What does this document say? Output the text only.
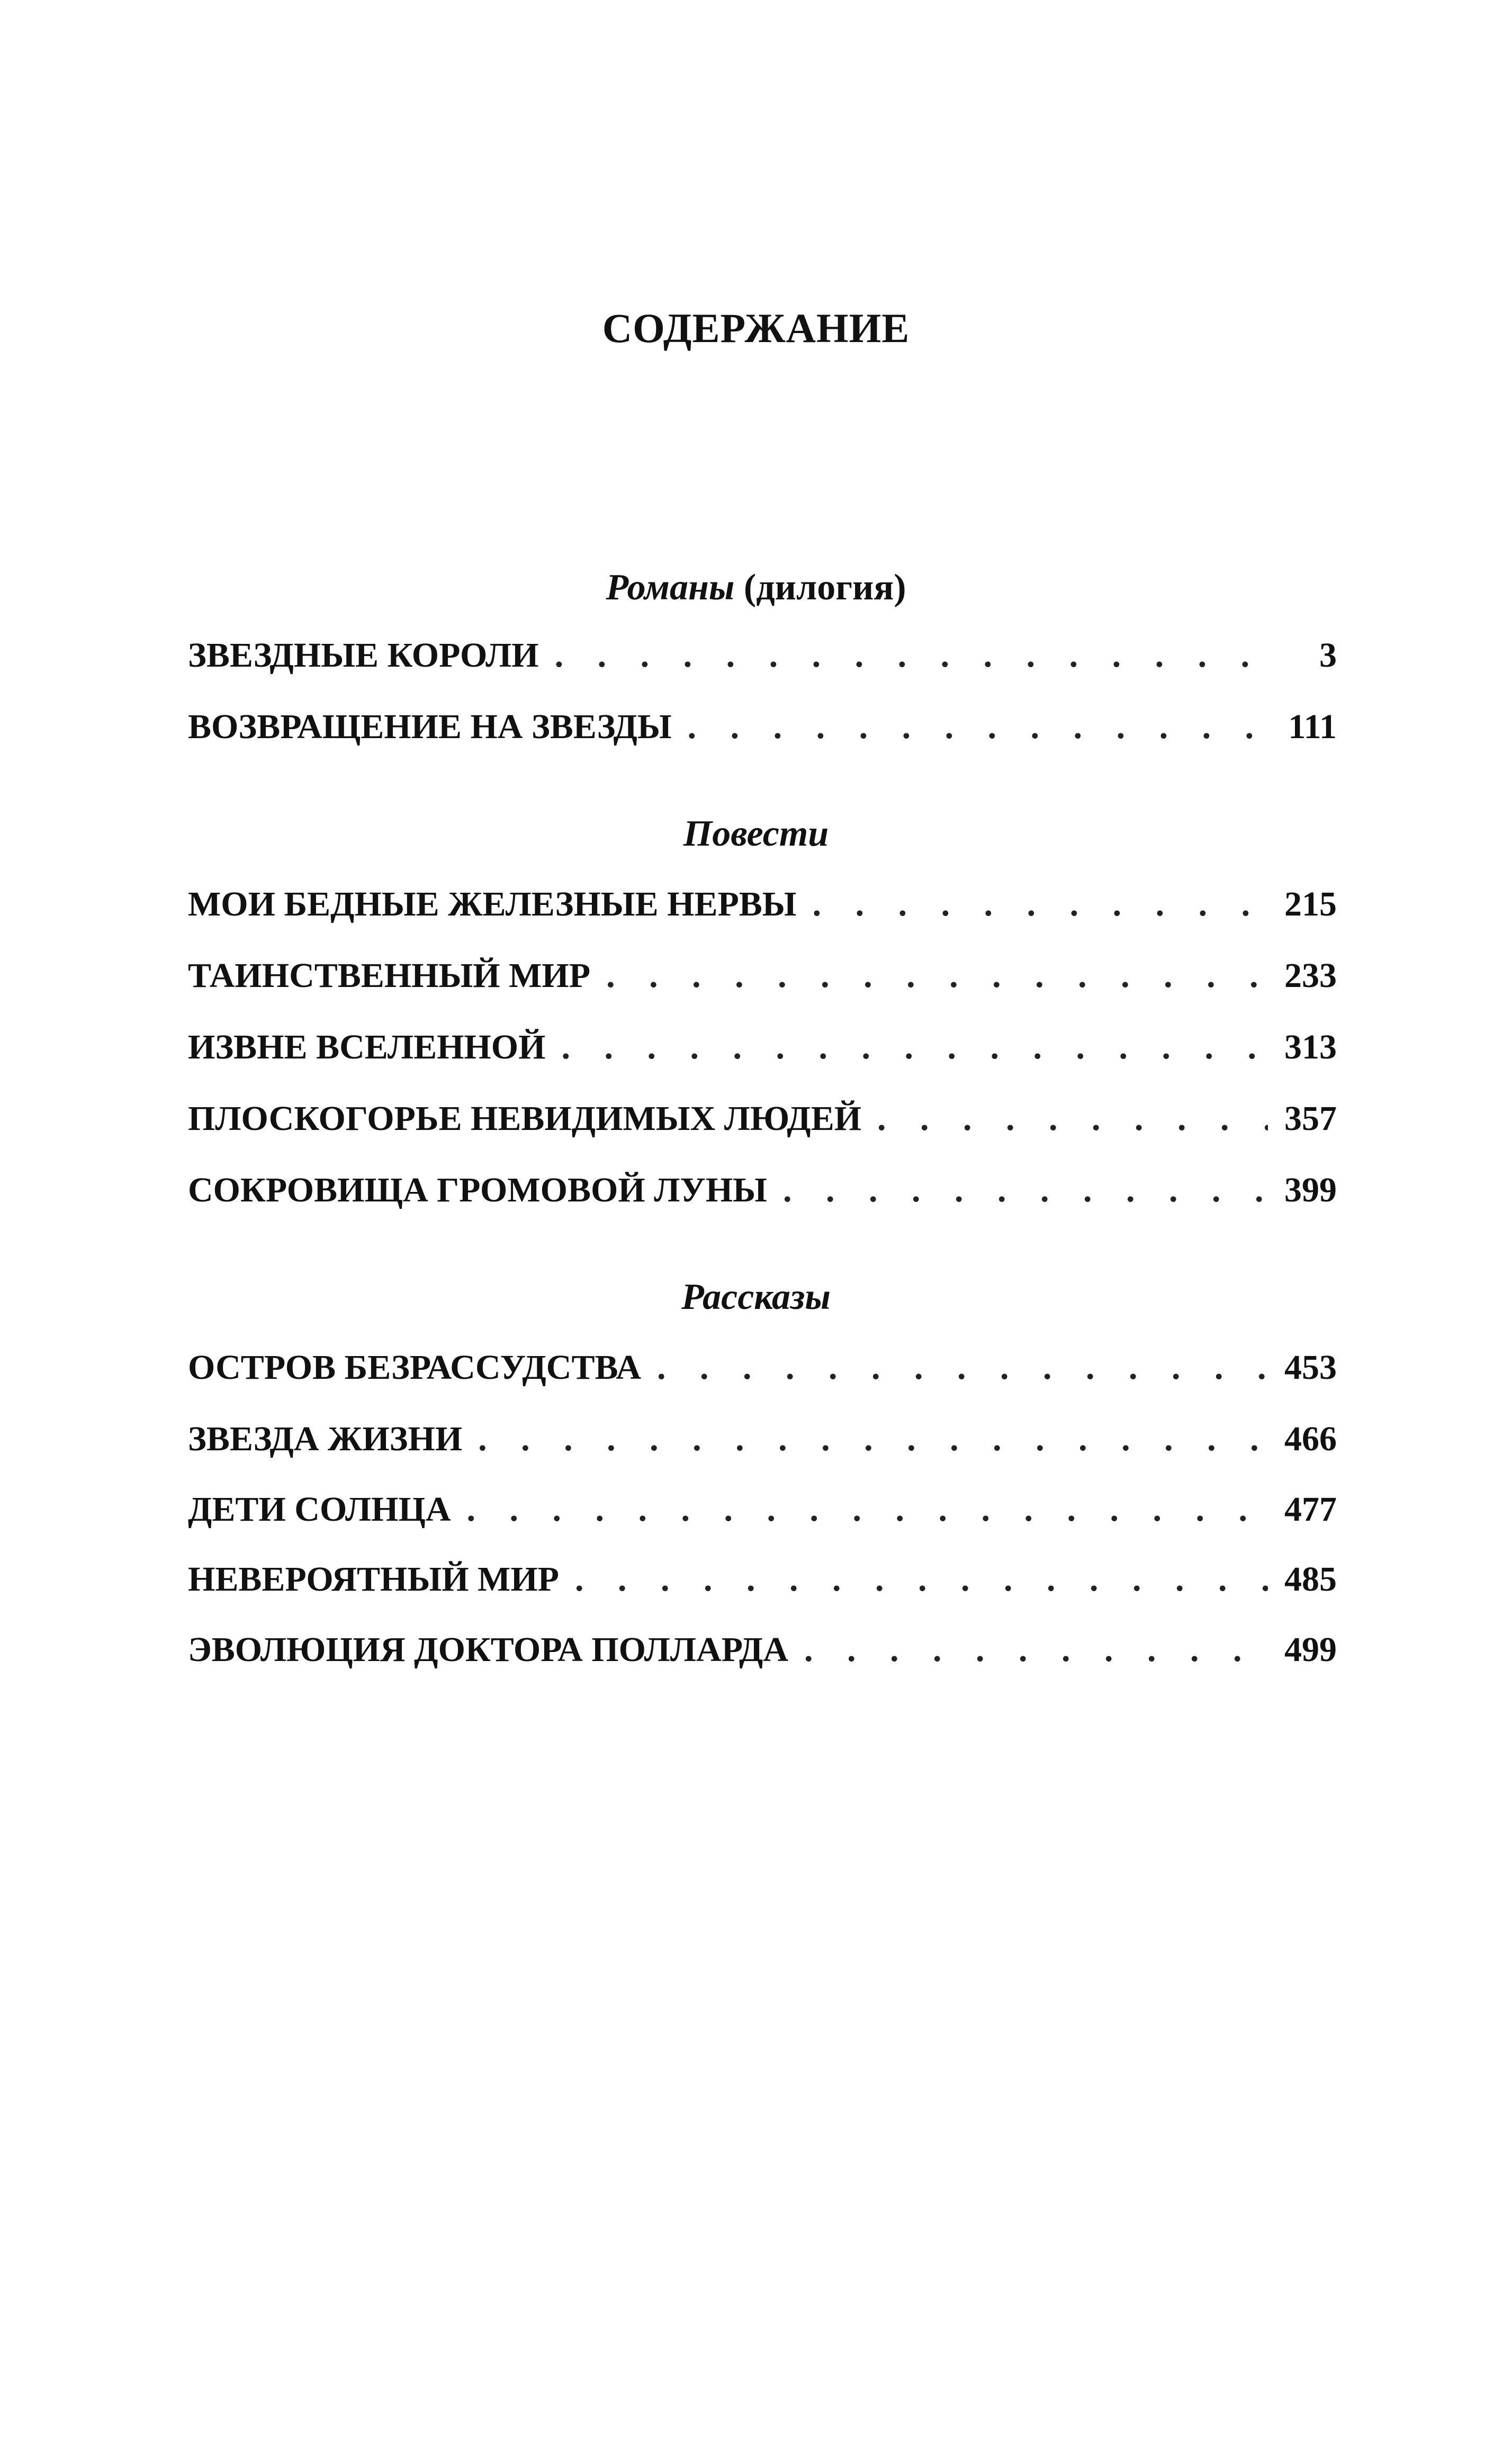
СОДЕРЖАНИЕ
Романы (дилогия)
ЗВЕЗДНЫЕ КОРОЛИ . . .	3
ВОЗВРАЩЕНИЕ НА ЗВЕЗДЫ . . .	111
Повести
МОИ БЕДНЫЕ ЖЕЛЕЗНЫЕ НЕРВЫ . . .	215
ТАИНСТВЕННЫЙ МИР . . .	233
ИЗВНЕ ВСЕЛЕННОЙ . . .	313
ПЛОСКОГОРЬЕ НЕВИДИМЫХ ЛЮДЕЙ . . .	357
СОКРОВИЩА ГРОМОВОЙ ЛУНЫ . . .	399
Рассказы
ОСТРОВ БЕЗРАССУДСТВА . . .	453
ЗВЕЗДА ЖИЗНИ . . .	466
ДЕТИ СОЛНЦА . . .	477
НЕВЕРОЯТНЫЙ МИР . . .	485
ЭВОЛЮЦИЯ ДОКТОРА ПОЛЛАРДА . . .	499
